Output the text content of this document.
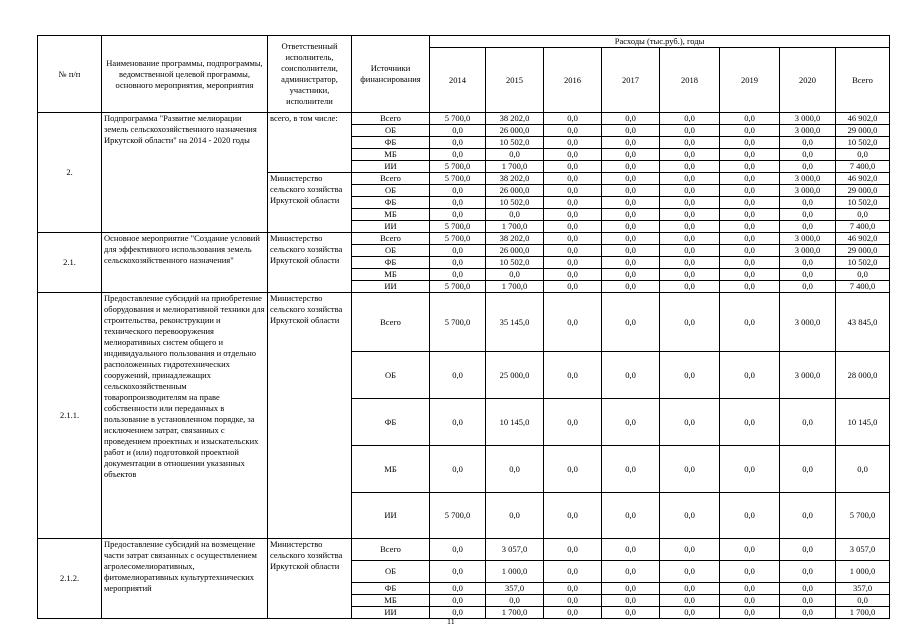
№ п/п	Наименование программы, подпрограммы, ведомственной целевой программы, основного мероприятия, мероприятия	Ответственный исполнитель, соисполнители, администратор, участники, исполнители	Источники финансирования	Расходы (тыс.руб.), годы							
				2014	2015	2016	2017	2018	2019	2020	Всего
2.	Подпрограмма "Развитие мелиорации земель сельскохозяйственного назначения Иркутской области" на 2014 - 2020 годы	всего, в том числе:	Всего	5 700,0	38 202,0	0,0	0,0	0,0	0,0	3 000,0	46 902,0
			ОБ	0,0	26 000,0	0,0	0,0	0,0	0,0	3 000,0	29 000,0
			ФБ	0,0	10 502,0	0,0	0,0	0,0	0,0	0,0	10 502,0
			МБ	0,0	0,0	0,0	0,0	0,0	0,0	0,0	0,0
			ИИ	5 700,0	1 700,0	0,0	0,0	0,0	0,0	0,0	7 400,0
		Министерство сельского хозяйства Иркутской области	Всего	5 700,0	38 202,0	0,0	0,0	0,0	0,0	3 000,0	46 902,0
			ОБ	0,0	26 000,0	0,0	0,0	0,0	0,0	3 000,0	29 000,0
			ФБ	0,0	10 502,0	0,0	0,0	0,0	0,0	0,0	10 502,0
			МБ	0,0	0,0	0,0	0,0	0,0	0,0	0,0	0,0
			ИИ	5 700,0	1 700,0	0,0	0,0	0,0	0,0	0,0	7 400,0
2.1.	Основное мероприятие "Создание условий для эффективного использования земель сельскохозяйственного назначения"	Министерство сельского хозяйства Иркутской области	Всего	5 700,0	38 202,0	0,0	0,0	0,0	0,0	3 000,0	46 902,0
			ОБ	0,0	26 000,0	0,0	0,0	0,0	0,0	3 000,0	29 000,0
			ФБ	0,0	10 502,0	0,0	0,0	0,0	0,0	0,0	10 502,0
			МБ	0,0	0,0	0,0	0,0	0,0	0,0	0,0	0,0
			ИИ	5 700,0	1 700,0	0,0	0,0	0,0	0,0	0,0	7 400,0
2.1.1.	Предоставление субсидий на приобретение оборудования и мелиоративной техники для строительства, реконструкции и технического перевооружения мелиоративных систем общего и индивидуального пользования и отдельно расположенных гидротехнических сооружений, принадлежащих сельскохозяйственным товаропроизводителям на праве собственности или переданных в пользование в установленном порядке, за исключением затрат, связанных с проведением проектных и изыскательских работ и (или) подготовкой проектной документации в отношении указанных объектов	Министерство сельского хозяйства Иркутской области	Всего	5 700,0	35 145,0	0,0	0,0	0,0	0,0	3 000,0	43 845,0
			ОБ	0,0	25 000,0	0,0	0,0	0,0	0,0	3 000,0	28 000,0
			ФБ	0,0	10 145,0	0,0	0,0	0,0	0,0	0,0	10 145,0
			МБ	0,0	0,0	0,0	0,0	0,0	0,0	0,0	0,0
			ИИ	5 700,0	0,0	0,0	0,0	0,0	0,0	0,0	5 700,0
2.1.2.	Предоставление субсидий на возмещение части затрат связанных с осуществлением агролесомелиоративных, фитомелиоративных культуртехнических мероприятий	Министерство сельского хозяйства Иркутской области	Всего	0,0	3 057,0	0,0	0,0	0,0	0,0	0,0	3 057,0
			ОБ	0,0	1 000,0	0,0	0,0	0,0	0,0	0,0	1 000,0
			ФБ	0,0	357,0	0,0	0,0	0,0	0,0	0,0	357,0
			МБ	0,0	0,0	0,0	0,0	0,0	0,0	0,0	0,0
			ИИ	0,0	1 700,0	0,0	0,0	0,0	0,0	0,0	1 700,0
11
